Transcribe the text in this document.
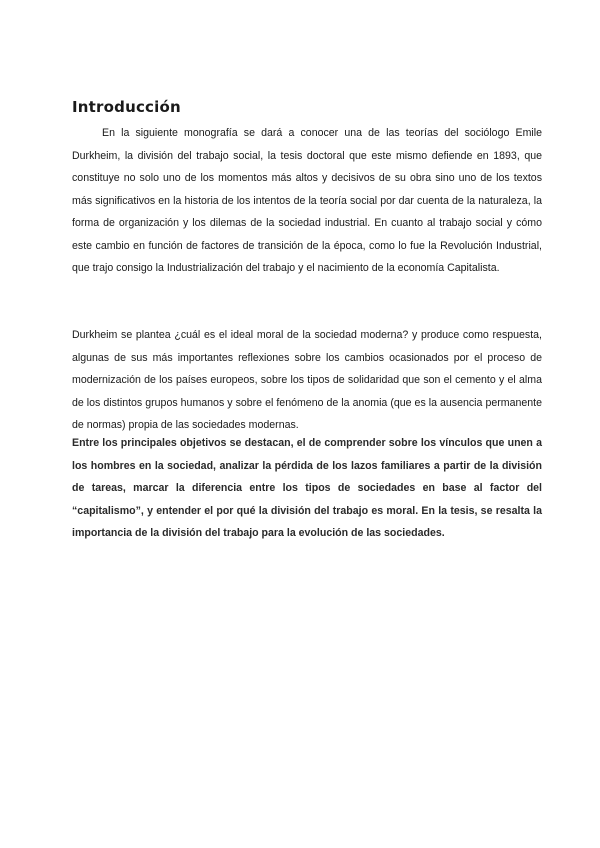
Introducción

En la siguiente monografía se dará a conocer una de las teorías del sociólogo Emile Durkheim, la división del trabajo social, la tesis doctoral que este mismo defiende en 1893, que constituye no solo uno de los momentos más altos y decisivos de su obra sino uno de los textos más significativos en la historia de los intentos de la teoría social por dar cuenta de la naturaleza, la forma de organización y los dilemas de la sociedad industrial. En cuanto al trabajo social y cómo este cambio en función de factores de transición de la época, como lo fue la Revolución Industrial, que trajo consigo la Industrialización del trabajo y el nacimiento de la economía Capitalista.

Durkheim se plantea ¿cuál es el ideal moral de la sociedad moderna? y produce como respuesta, algunas de sus más importantes reflexiones sobre los cambios ocasionados por el proceso de modernización de los países europeos, sobre los tipos de solidaridad que son el cemento y el alma de los distintos grupos humanos y sobre el fenómeno de la anomia (que es la ausencia permanente de normas) propia de las sociedades modernas.

Entre los principales objetivos se destacan, el de comprender sobre los vínculos que unen a los hombres en la sociedad, analizar la pérdida de los lazos familiares a partir de la división de tareas, marcar la diferencia entre los tipos de sociedades en base al factor del “capitalismo”, y entender el por qué la división del trabajo es moral. En la tesis, se resalta la importancia de la división del trabajo para la evolución de las sociedades.
